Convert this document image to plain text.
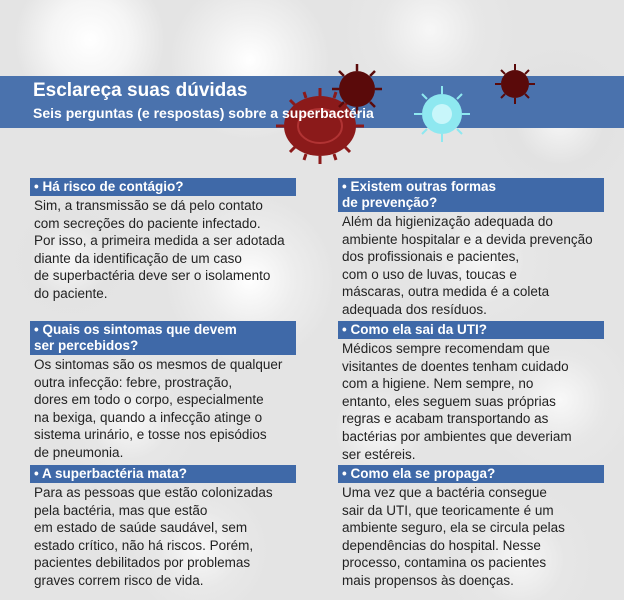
Esclareça suas dúvidas
Seis perguntas (e respostas) sobre a superbactéria
• Há risco de contágio?
Sim, a transmissão se dá pelo contato
com secreções do paciente infectado.
Por isso, a primeira medida a ser adotada
diante da identificação de um caso
de superbactéria deve ser o isolamento
do paciente.
• Existem outras formas
de prevenção?
Além da higienização adequada do
ambiente hospitalar e a devida prevenção
dos profissionais e pacientes,
com o uso de luvas, toucas e
máscaras, outra medida é a coleta
adequada dos resíduos.
• Quais os sintomas que devem
ser percebidos?
Os sintomas são os mesmos de qualquer
outra infecção: febre, prostração,
dores em todo o corpo, especialmente
na bexiga, quando a infecção atinge o
sistema urinário, e tosse nos episódios
de pneumonia.
• Como ela sai da UTI?
Médicos sempre recomendam que
visitantes de doentes tenham cuidado
com a higiene. Nem sempre, no
entanto, eles seguem suas próprias
regras e acabam transportando as
bactérias por ambientes que deveriam
ser estéreis.
• A superbactéria mata?
Para as pessoas que estão colonizadas
pela bactéria, mas que estão
em estado de saúde saudável, sem
estado crítico, não há riscos. Porém,
pacientes debilitados por problemas
graves correm risco de vida.
• Como ela se propaga?
Uma vez que a bactéria consegue
sair da UTI, que teoricamente é um
ambiente seguro, ela se circula pelas
dependências do hospital. Nesse
processo, contamina os pacientes
mais propensos às doenças.
